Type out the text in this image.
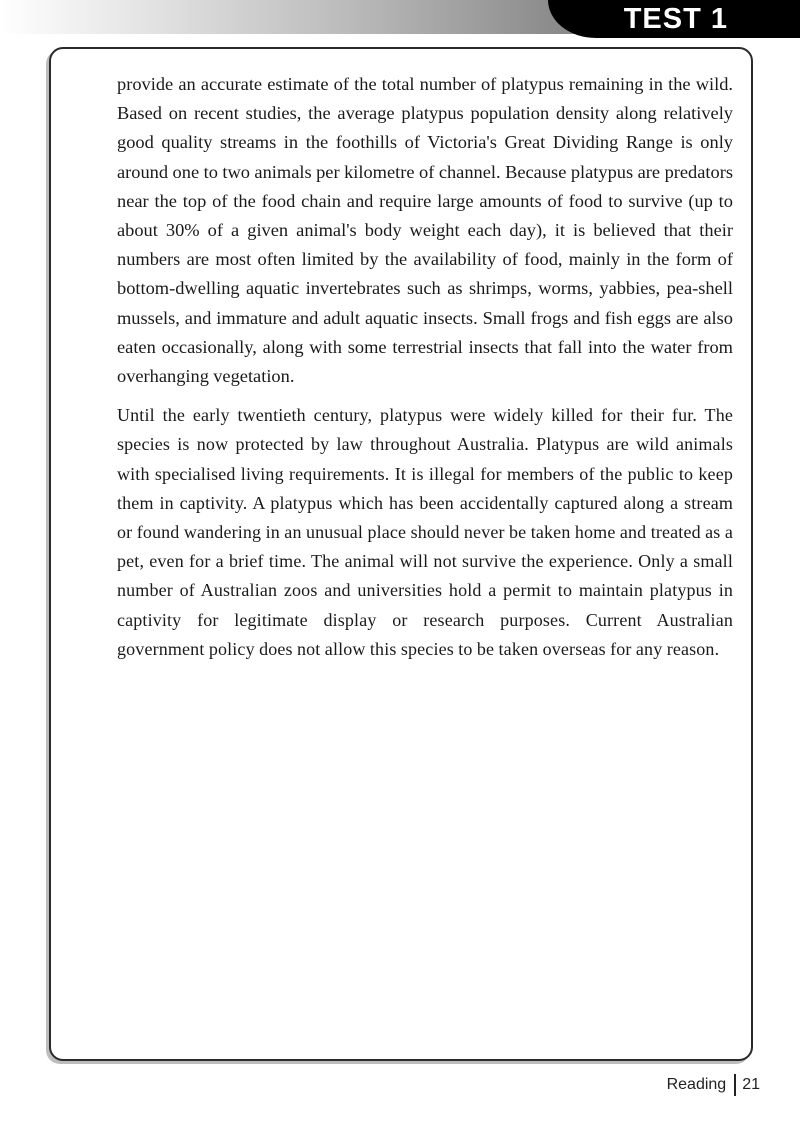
TEST 1

provide an accurate estimate of the total number of platypus remaining in the wild. Based on recent studies, the average platypus population density along relatively good quality streams in the foothills of Victoria's Great Dividing Range is only around one to two animals per kilometre of channel. Because platypus are predators near the top of the food chain and require large amounts of food to survive (up to about 30% of a given animal's body weight each day), it is believed that their numbers are most often limited by the availability of food, mainly in the form of bottom-dwelling aquatic invertebrates such as shrimps, worms, yabbies, pea-shell mussels, and immature and adult aquatic insects. Small frogs and fish eggs are also eaten occasionally, along with some terrestrial insects that fall into the water from overhanging vegetation.

Until the early twentieth century, platypus were widely killed for their fur. The species is now protected by law throughout Australia. Platypus are wild animals with specialised living requirements. It is illegal for members of the public to keep them in captivity. A platypus which has been accidentally captured along a stream or found wandering in an unusual place should never be taken home and treated as a pet, even for a brief time. The animal will not survive the experience. Only a small number of Australian zoos and universities hold a permit to maintain platypus in captivity for legitimate display or research purposes. Current Australian government policy does not allow this species to be taken overseas for any reason.

Reading 21
